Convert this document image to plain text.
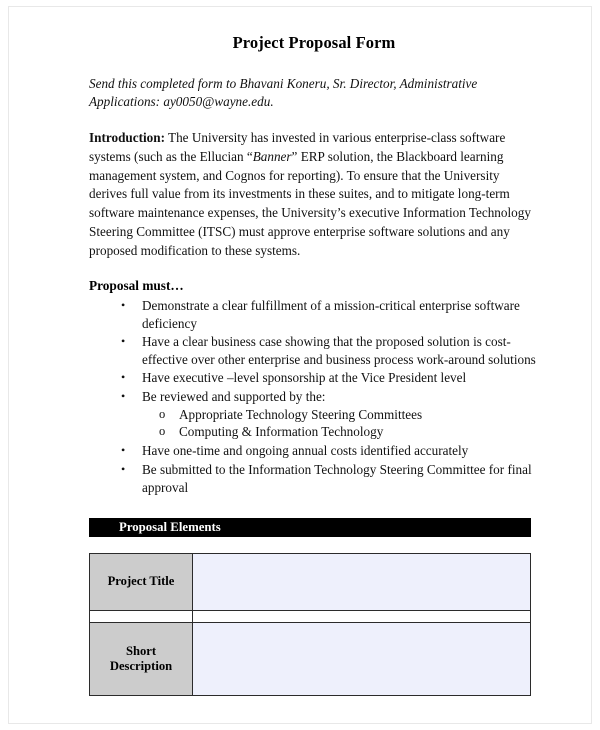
Project Proposal Form

Send this completed form to Bhavani Koneru, Sr. Director, Administrative Applications: ay0050@wayne.edu.

Introduction: The University has invested in various enterprise-class software systems (such as the Ellucian “Banner” ERP solution, the Blackboard learning management system, and Cognos for reporting). To ensure that the University derives full value from its investments in these suites, and to mitigate long-term software maintenance expenses, the University’s executive Information Technology Steering Committee (ITSC) must approve enterprise software solutions and any proposed modification to these systems.

Proposal must…
• Demonstrate a clear fulfillment of a mission-critical enterprise software deficiency
• Have a clear business case showing that the proposed solution is cost-effective over other enterprise and business process work-around solutions
• Have executive –level sponsorship at the Vice President level
• Be reviewed and supported by the:
o Appropriate Technology Steering Committees
o Computing & Information Technology
• Have one-time and ongoing annual costs identified accurately
• Be submitted to the Information Technology Steering Committee for final approval
Proposal Elements
Project Title	

Short
Description	
